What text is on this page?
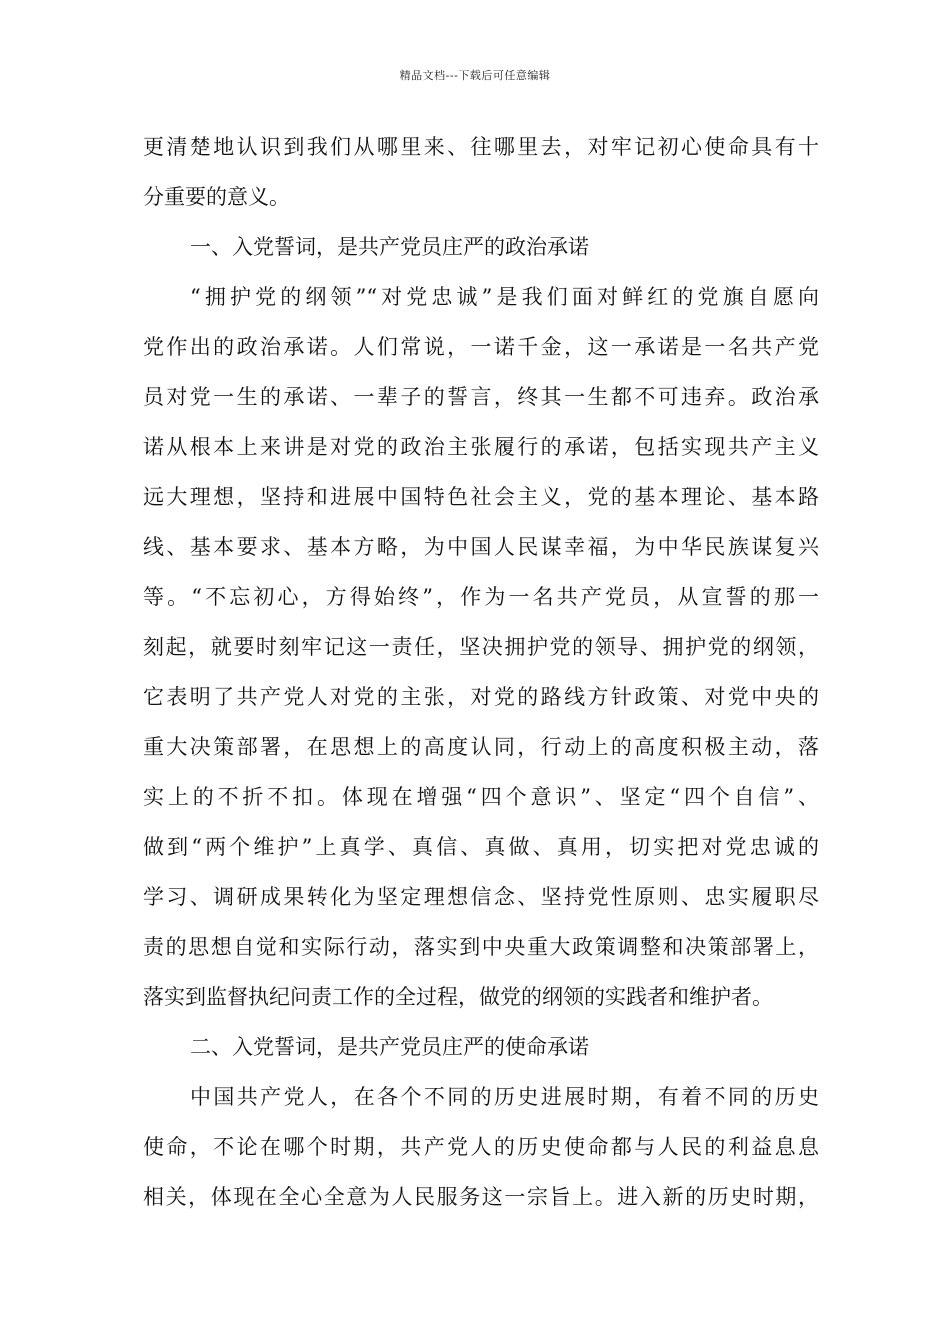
精品文档---下载后可任意编辑
更清楚地认识到我们从哪里来、往哪里去，对牢记初心使命具有十
分重要的意义。
一、入党誓词，是共产党员庄严的政治承诺
“拥护党的纲领”“对党忠诚”是我们面对鲜红的党旗自愿向
党作出的政治承诺。人们常说，一诺千金，这一承诺是一名共产党
员对党一生的承诺、一辈子的誓言，终其一生都不可违弃。政治承
诺从根本上来讲是对党的政治主张履行的承诺，包括实现共产主义
远大理想，坚持和进展中国特色社会主义，党的基本理论、基本路
线、基本要求、基本方略，为中国人民谋幸福，为中华民族谋复兴
等。“不忘初心，方得始终”，作为一名共产党员，从宣誓的那一
刻起，就要时刻牢记这一责任，坚决拥护党的领导、拥护党的纲领，
它表明了共产党人对党的主张，对党的路线方针政策、对党中央的
重大决策部署，在思想上的高度认同，行动上的高度积极主动，落
实上的不折不扣。体现在增强“四个意识”、坚定“四个自信”、
做到“两个维护”上真学、真信、真做、真用，切实把对党忠诚的
学习、调研成果转化为坚定理想信念、坚持党性原则、忠实履职尽
责的思想自觉和实际行动，落实到中央重大政策调整和决策部署上，
落实到监督执纪问责工作的全过程，做党的纲领的实践者和维护者。
二、入党誓词，是共产党员庄严的使命承诺
中国共产党人，在各个不同的历史进展时期，有着不同的历史
使命，不论在哪个时期，共产党人的历史使命都与人民的利益息息
相关，体现在全心全意为人民服务这一宗旨上。进入新的历史时期，
